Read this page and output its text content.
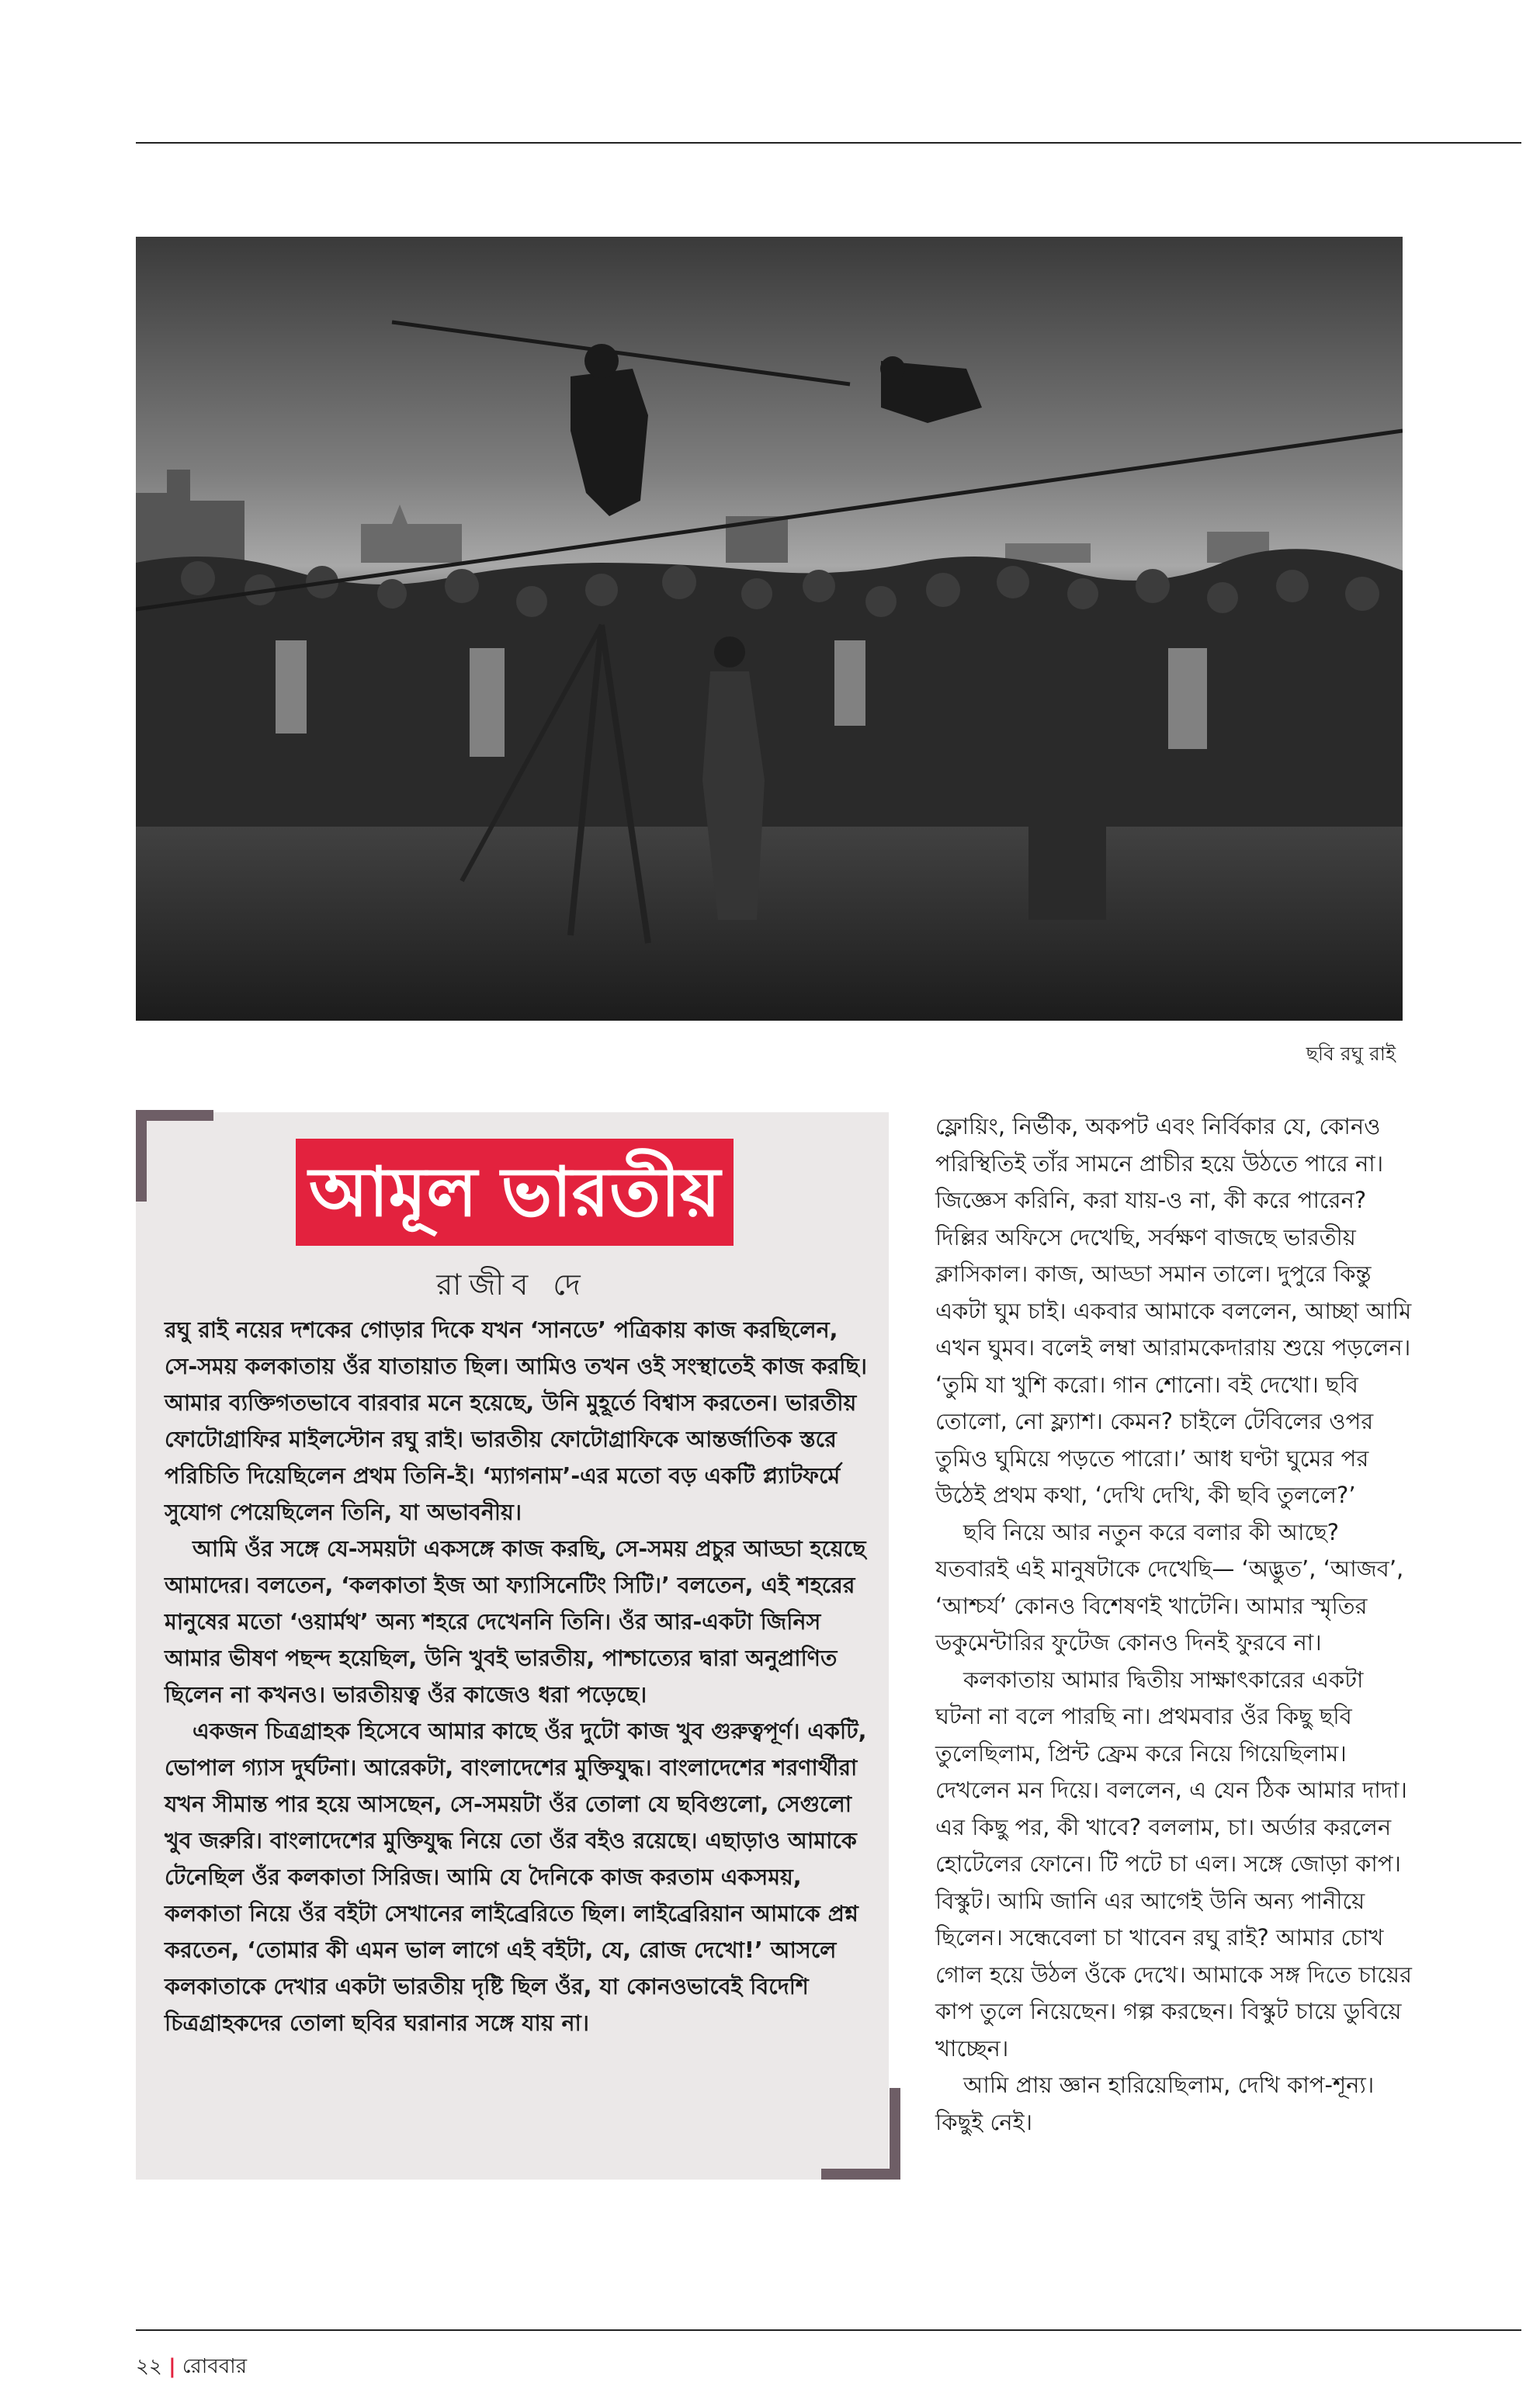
ছবি রঘু রাই
আমূল ভারতীয়
রাজীব দে

রঘু রাই নয়ের দশকের গোড়ার দিকে যখন ‘সানডে’ পত্রিকায় কাজ করছিলেন, সে-সময় কলকাতায় ওঁর যাতায়াত ছিল। আমিও তখন ওই সংস্থাতেই কাজ করছি। আমার ব্যক্তিগতভাবে বারবার মনে হয়েছে, উনি মুহূর্তে বিশ্বাস করতেন। ভারতীয় ফোটোগ্রাফির মাইলস্টোন রঘু রাই। ভারতীয় ফোটোগ্রাফিকে আন্তর্জাতিক স্তরে পরিচিতি দিয়েছিলেন প্রথম তিনি-ই। ‘ম্যাগনাম’-এর মতো বড় একটি প্ল্যাটফর্মে সুযোগ পেয়েছিলেন তিনি, যা অভাবনীয়।

আমি ওঁর সঙ্গে যে-সময়টা একসঙ্গে কাজ করছি, সে-সময় প্রচুর আড্ডা হয়েছে আমাদের। বলতেন, ‘কলকাতা ইজ আ ফ্যাসিনেটিং সিটি।’ বলতেন, এই শহরের মানুষের মতো ‘ওয়ার্মথ’ অন্য শহরে দেখেননি তিনি। ওঁর আর-একটা জিনিস আমার ভীষণ পছন্দ হয়েছিল, উনি খুবই ভারতীয়, পাশ্চাত্যের দ্বারা অনুপ্রাণিত ছিলেন না কখনও। ভারতীয়ত্ব ওঁর কাজেও ধরা পড়েছে।

একজন চিত্রগ্রাহক হিসেবে আমার কাছে ওঁর দুটো কাজ খুব গুরুত্বপূর্ণ। একটি, ভোপাল গ্যাস দুর্ঘটনা। আরেকটা, বাংলাদেশের মুক্তিযুদ্ধ। বাংলাদেশের শরণার্থীরা যখন সীমান্ত পার হয়ে আসছেন, সে-সময়টা ওঁর তোলা যে ছবিগুলো, সেগুলো খুব জরুরি। বাংলাদেশের মুক্তিযুদ্ধ নিয়ে তো ওঁর বইও রয়েছে। এছাড়াও আমাকে টেনেছিল ওঁর কলকাতা সিরিজ। আমি যে দৈনিকে কাজ করতাম একসময়, কলকাতা নিয়ে ওঁর বইটা সেখানের লাইব্রেরিতে ছিল। লাইব্রেরিয়ান আমাকে প্রশ্ন করতেন, ‘তোমার কী এমন ভাল লাগে এই বইটা, যে, রোজ দেখো!’ আসলে কলকাতাকে দেখার একটা ভারতীয় দৃষ্টি ছিল ওঁর, যা কোনওভাবেই বিদেশি চিত্রগ্রাহকদের তোলা ছবির ঘরানার সঙ্গে যায় না।

ফ্লোয়িং, নির্ভীক, অকপট এবং নির্বিকার যে, কোনও পরিস্থিতিই তাঁর সামনে প্রাচীর হয়ে উঠতে পারে না। জিজ্ঞেস করিনি, করা যায়-ও না, কী করে পারেন? দিল্লির অফিসে দেখেছি, সর্বক্ষণ বাজছে ভারতীয় ক্লাসিকাল। কাজ, আড্ডা সমান তালে। দুপুরে কিন্তু একটা ঘুম চাই। একবার আমাকে বললেন, আচ্ছা আমি এখন ঘুমব। বলেই লম্বা আরামকেদারায় শুয়ে পড়লেন। ‘তুমি যা খুশি করো। গান শোনো। বই দেখো। ছবি তোলো, নো ফ্ল্যাশ। কেমন? চাইলে টেবিলের ওপর তুমিও ঘুমিয়ে পড়তে পারো।’ আধ ঘণ্টা ঘুমের পর উঠেই প্রথম কথা, ‘দেখি দেখি, কী ছবি তুললে?’

ছবি নিয়ে আর নতুন করে বলার কী আছে? যতবারই এই মানুষটাকে দেখেছি— ‘অদ্ভুত’, ‘আজব’, ‘আশ্চর্য’ কোনও বিশেষণই খাটেনি। আমার স্মৃতির ডকুমেন্টারির ফুটেজ কোনও দিনই ফুরবে না।

কলকাতায় আমার দ্বিতীয় সাক্ষাৎকারের একটা ঘটনা না বলে পারছি না। প্রথমবার ওঁর কিছু ছবি তুলেছিলাম, প্রিন্ট ফ্রেম করে নিয়ে গিয়েছিলাম। দেখলেন মন দিয়ে। বললেন, এ যেন ঠিক আমার দাদা। এর কিছু পর, কী খাবে? বললাম, চা। অর্ডার করলেন হোটেলের ফোনে। টি পটে চা এল। সঙ্গে জোড়া কাপ। বিস্কুট। আমি জানি এর আগেই উনি অন্য পানীয়ে ছিলেন। সন্ধেবেলা চা খাবেন রঘু রাই? আমার চোখ গোল হয়ে উঠল ওঁকে দেখে। আমাকে সঙ্গ দিতে চায়ের কাপ তুলে নিয়েছেন। গল্প করছেন। বিস্কুট চায়ে ডুবিয়ে খাচ্ছেন।

আমি প্রায় জ্ঞান হারিয়েছিলাম, দেখি কাপ-শূন্য। কিছুই নেই।

২২ | রোববার
